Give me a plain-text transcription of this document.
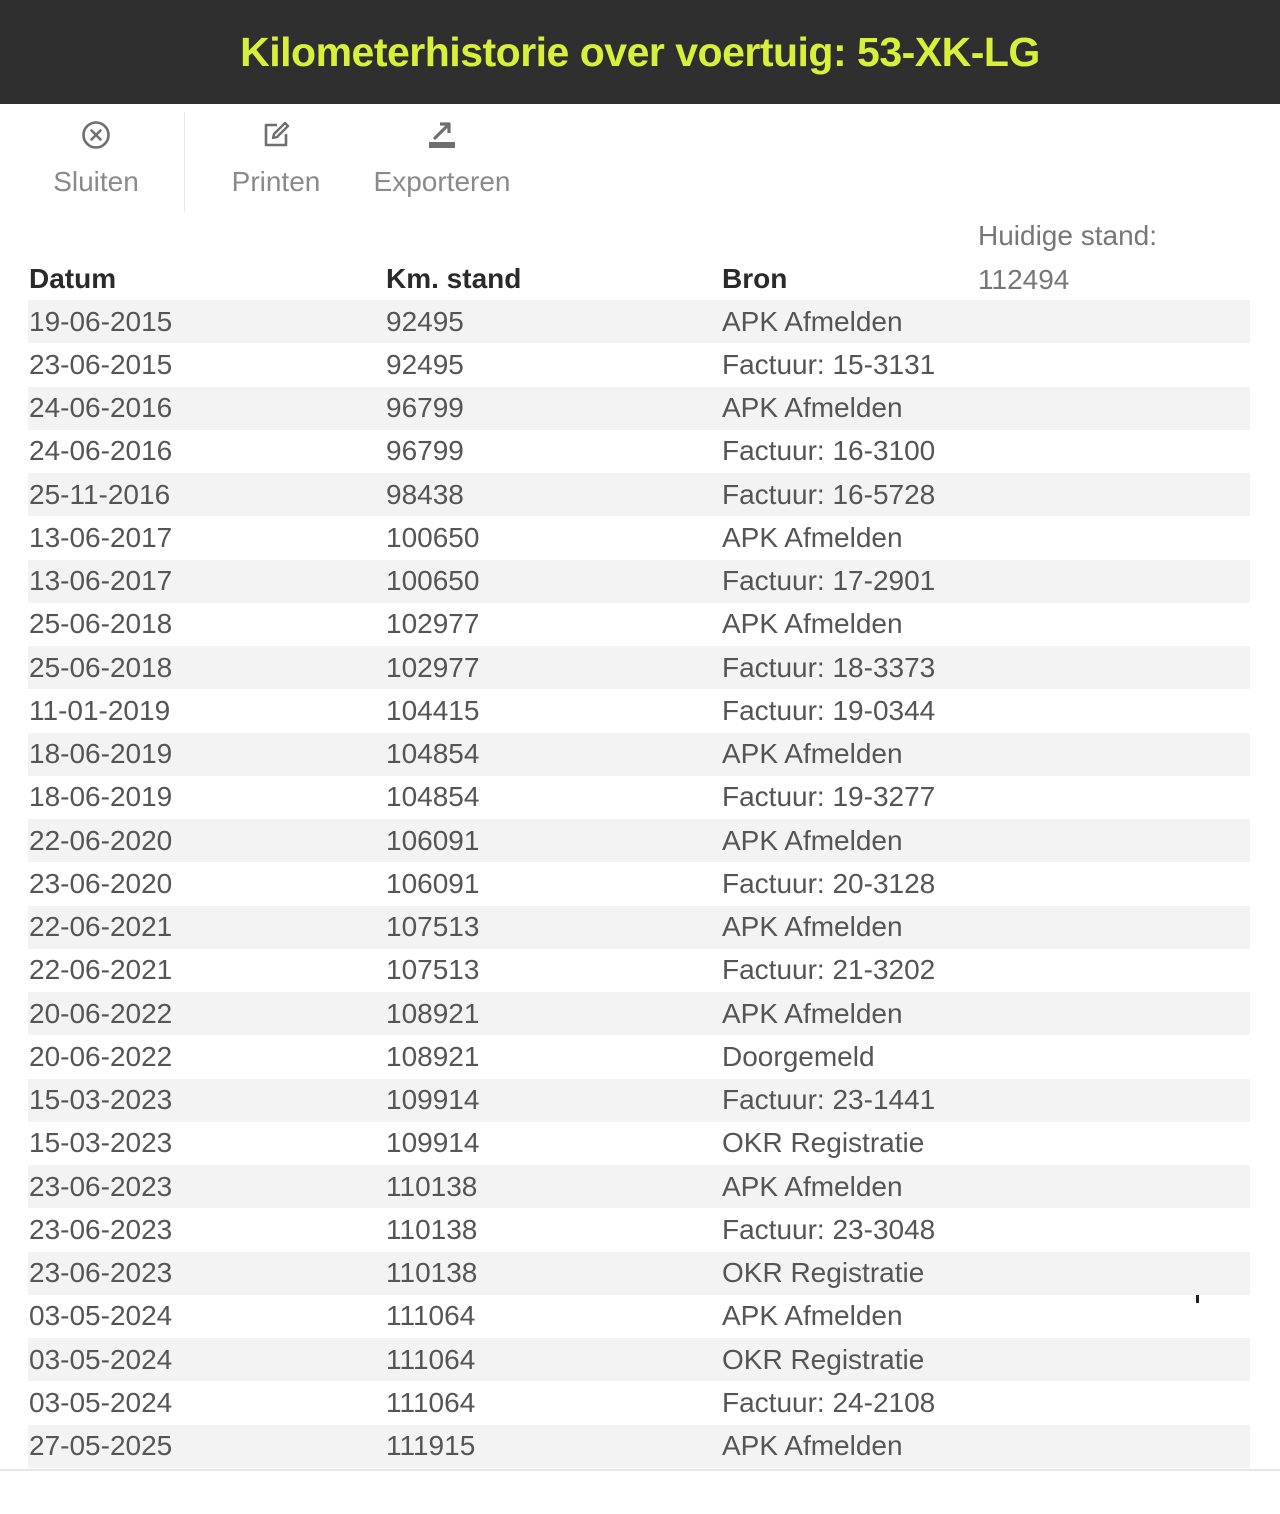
Kilometerhistorie over voertuig: 53-XK-LG
Sluiten	Printen Exporteren
Huidige stand:
112494
Datum	Km. stand	Bron
19-06-2015	92495	APK Afmelden
23-06-2015	92495	Factuur: 15-3131
24-06-2016	96799	APK Afmelden
24-06-2016	96799	Factuur: 16-3100
25-11-2016	98438	Factuur: 16-5728
13-06-2017	100650	APK Afmelden
13-06-2017	100650	Factuur: 17-2901
25-06-2018	102977	APK Afmelden
25-06-2018	102977	Factuur: 18-3373
11-01-2019	104415	Factuur: 19-0344
18-06-2019	104854	APK Afmelden
18-06-2019	104854	Factuur: 19-3277
22-06-2020	106091	APK Afmelden
23-06-2020	106091	Factuur: 20-3128
22-06-2021	107513	APK Afmelden
22-06-2021	107513	Factuur: 21-3202
20-06-2022	108921	APK Afmelden
20-06-2022	108921	Doorgemeld
15-03-2023	109914	Factuur: 23-1441
15-03-2023	109914	OKR Registratie
23-06-2023	110138	APK Afmelden
23-06-2023	110138	Factuur: 23-3048
23-06-2023	110138	OKR Registratie
03-05-2024	111064	APK Afmelden
03-05-2024	111064	OKR Registratie
03-05-2024	111064	Factuur: 24-2108
27-05-2025	111915	APK Afmelden
